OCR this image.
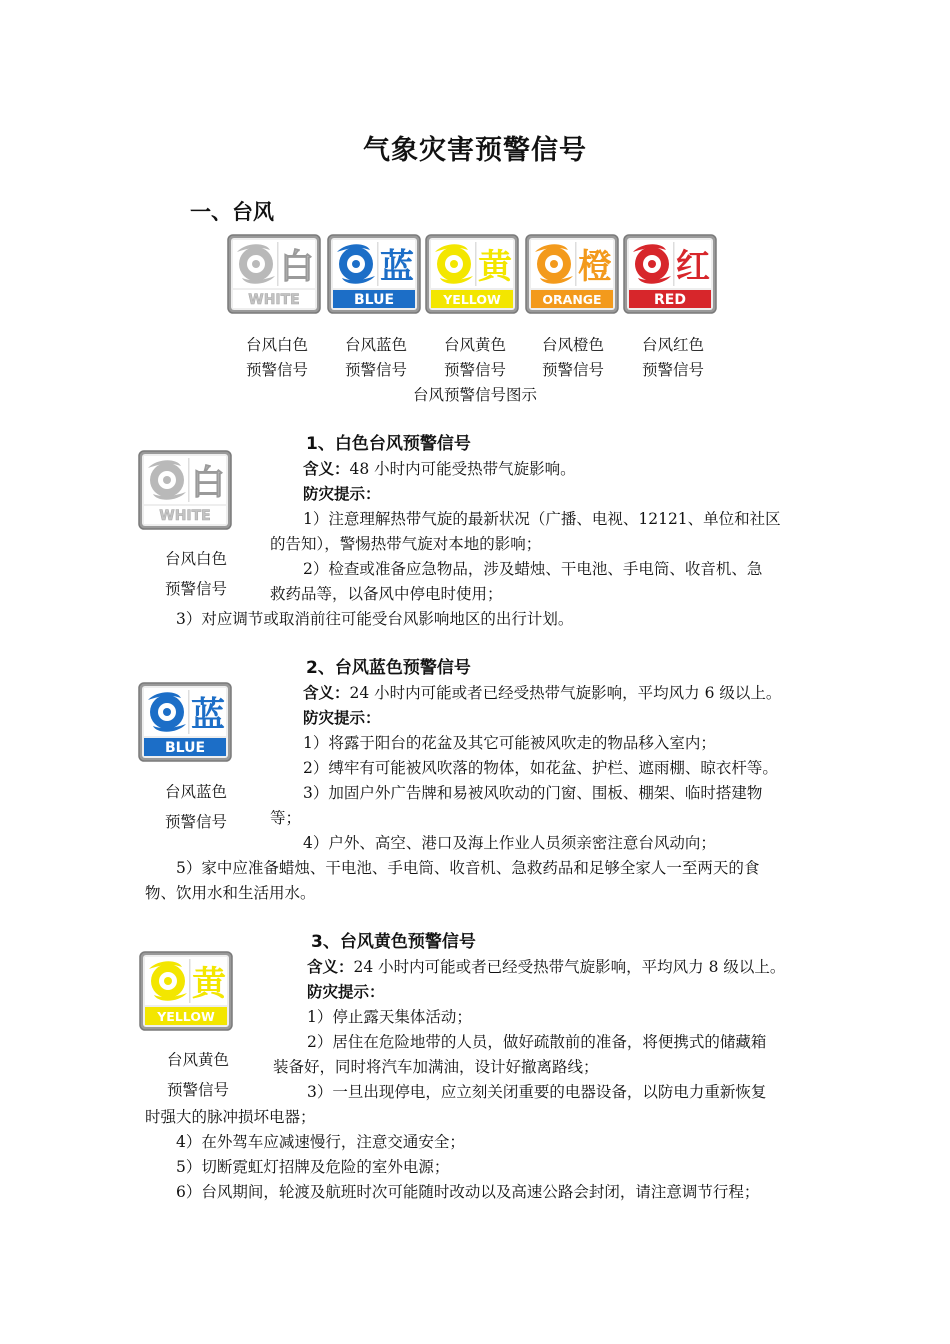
气象灾害预警信号
一、台风
白
WHITE
蓝
BLUE
黄
YELLOW
橙
ORANGE
红
RED
台风白色
预警信号
台风蓝色
预警信号
台风黄色
预警信号
台风橙色
预警信号
台风红色
预警信号
台风预警信号图示
白
WHITE
台风白色
预警信号
1、白色台风预警信号
含义：48 小时内可能受热带气旋影响。
防灾提示：
1）注意理解热带气旋的最新状况（广播、电视、12121、单位和社区
的告知），警惕热带气旋对本地的影响；
2）检查或准备应急物品，涉及蜡烛、干电池、手电筒、收音机、急
救药品等，以备风中停电时使用；
3）对应调节或取消前往可能受台风影响地区的出行计划。
蓝
BLUE
台风蓝色
预警信号
2、台风蓝色预警信号
含义：24 小时内可能或者已经受热带气旋影响，平均风力 6 级以上。
防灾提示：
1）将露于阳台的花盆及其它可能被风吹走的物品移入室内；
2）缚牢有可能被风吹落的物体，如花盆、护栏、遮雨棚、晾衣杆等。
3）加固户外广告牌和易被风吹动的门窗、围板、棚架、临时搭建物
等；
4）户外、高空、港口及海上作业人员须亲密注意台风动向；
5）家中应准备蜡烛、干电池、手电筒、收音机、急救药品和足够全家人一至两天的食
物、饮用水和生活用水。
黄
YELLOW
台风黄色
预警信号
3、台风黄色预警信号
含义：24 小时内可能或者已经受热带气旋影响，平均风力 8 级以上。
防灾提示：
1）停止露天集体活动；
2）居住在危险地带的人员，做好疏散前的准备，将便携式的储藏箱
装备好，同时将汽车加满油，设计好撤离路线；
3）一旦出现停电，应立刻关闭重要的电器设备，以防电力重新恢复
时强大的脉冲损坏电器；
4）在外驾车应减速慢行，注意交通安全；
5）切断霓虹灯招牌及危险的室外电源；
6）台风期间，轮渡及航班时次可能随时改动以及高速公路会封闭，请注意调节行程；
